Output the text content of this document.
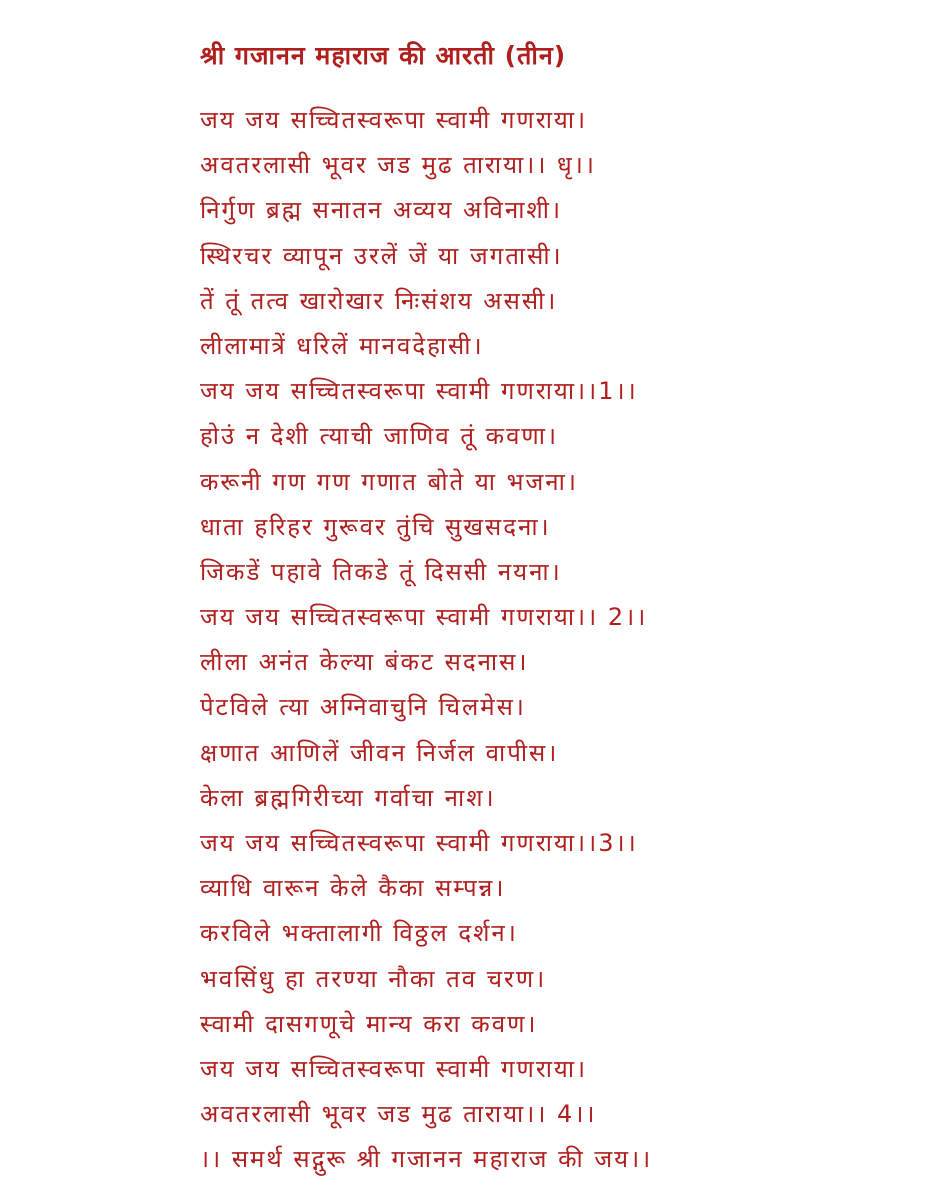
श्री गजानन महाराज की आरती (तीन)
जय जय सच्चितस्वरूपा स्वामी गणराया।
अवतरलासी भूवर जड मुढ ताराया।। धृ।।
निर्गुण ब्रह्म सनातन अव्यय अविनाशी।
स्थिरचर व्यापून उरलें जें या जगतासी।
तें तूं तत्व खारोखार निःसंशय अससी।
लीलामात्रें धरिलें मानवदेहासी।
जय जय सच्चितस्वरूपा स्वामी गणराया।।1।।
होउं न देशी त्याची जाणिव तूं कवणा।
करूनी गण गण गणात बोते या भजना।
धाता हरिहर गुरूवर तुंचि सुखसदना।
जिकडें पहावे तिकडे तूं दिससी नयना।
जय जय सच्चितस्वरूपा स्वामी गणराया।। 2।।
लीला अनंत केल्या बंकट सदनास।
पेटविले त्या अग्निवाचुनि चिलमेस।
क्षणात आणिलें जीवन निर्जल वापीस।
केला ब्रह्मगिरीच्या गर्वाचा नाश।
जय जय सच्चितस्वरूपा स्वामी गणराया।।3।।
व्याधि वारून केले कैका सम्पन्न।
करविले भक्तालागी विठ्ठल दर्शन।
भवसिंधु हा तरण्या नौका तव चरण।
स्वामी दासगणूचे मान्य करा कवण।
जय जय सच्चितस्वरूपा स्वामी गणराया।
अवतरलासी भूवर जड मुढ ताराया।। 4।।
।। समर्थ सद्गुरू श्री गजानन महाराज की जय।।
